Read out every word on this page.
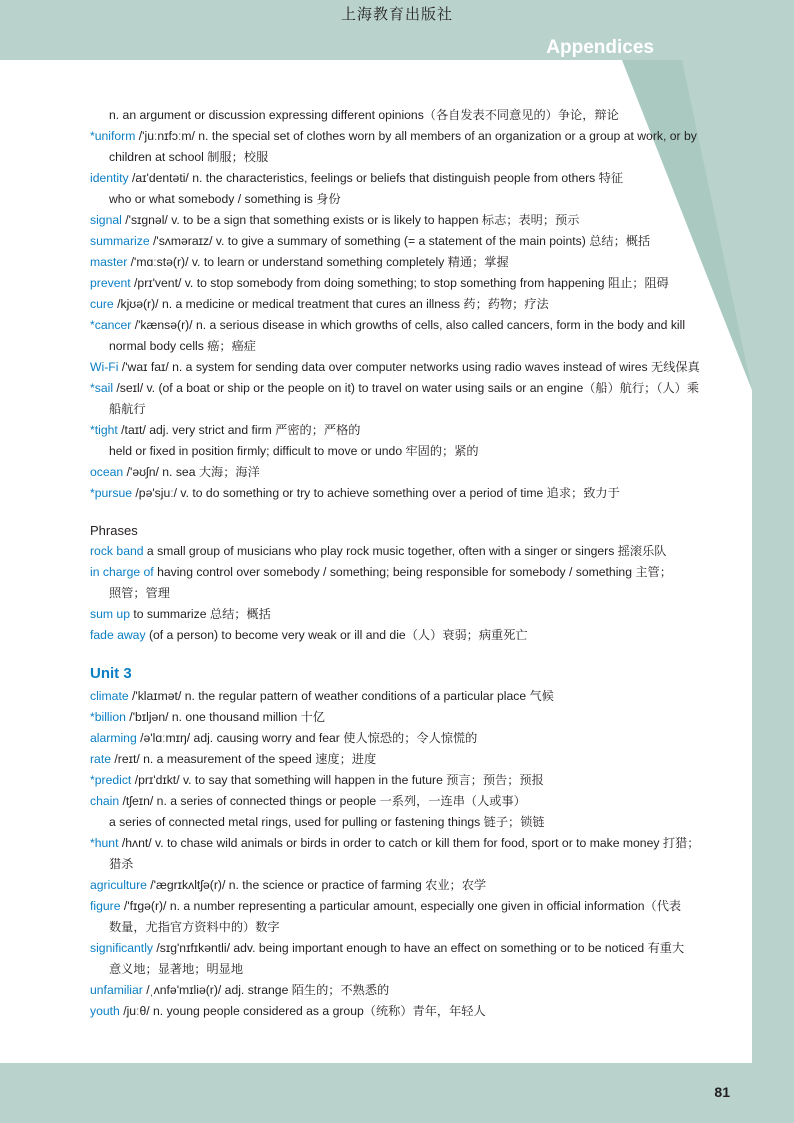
上海教育出版社
Appendices

n. an argument or discussion expressing different opinions（各自发表不同意见的）争论，辩论

*uniform /'juːnɪfɔːm/ n. the special set of clothes worn by all members of an organization or a group at work, or by
children at school 制服；校服

identity /aɪ'dentəti/ n. the characteristics, feelings or beliefs that distinguish people from others 特征
who or what somebody / something is 身份

signal /'sɪɡnəl/ v. to be a sign that something exists or is likely to happen 标志；表明；预示

summarize /'sʌməraɪz/ v. to give a summary of something (= a statement of the main points) 总结；概括

master /'mɑːstə(r)/ v. to learn or understand something completely 精通；掌握

prevent /prɪ'vent/ v. to stop somebody from doing something; to stop something from happening 阻止；阻碍

cure /kjʊə(r)/ n. a medicine or medical treatment that cures an illness 药；药物；疗法

*cancer /'kænsə(r)/ n. a serious disease in which growths of cells, also called cancers, form in the body and kill
normal body cells 癌；癌症

Wi-Fi /'waɪ faɪ/ n. a system for sending data over computer networks using radio waves instead of wires 无线保真

*sail /seɪl/ v. (of a boat or ship or the people on it) to travel on water using sails or an engine（船）航行；（人）乘
船航行

*tight /taɪt/ adj. very strict and firm 严密的；严格的
held or fixed in position firmly; difficult to move or undo 牢固的；紧的

ocean /'əʊʃn/ n. sea 大海；海洋

*pursue /pə'sjuː/ v. to do something or try to achieve something over a period of time 追求；致力于

Phrases

rock band a small group of musicians who play rock music together, often with a singer or singers 摇滚乐队

in charge of having control over somebody / something; being responsible for somebody / something 主管；
照管；管理

sum up to summarize 总结；概括

fade away (of a person) to become very weak or ill and die（人）衰弱；病重死亡

Unit 3

climate /'klaɪmət/ n. the regular pattern of weather conditions of a particular place 气候

*billion /'bɪljən/ n. one thousand million 十亿

alarming /ə'lɑːmɪŋ/ adj. causing worry and fear 使人惊恐的；令人惊慌的

rate /reɪt/ n. a measurement of the speed 速度；进度

*predict /prɪ'dɪkt/ v. to say that something will happen in the future 预言；预告；预报

chain /tʃeɪn/ n. a series of connected things or people 一系列，一连串（人或事）
a series of connected metal rings, used for pulling or fastening things 链子；锁链

*hunt /hʌnt/ v. to chase wild animals or birds in order to catch or kill them for food, sport or to make money 打猎；
猎杀

agriculture /'æɡrɪkʌltʃə(r)/ n. the science or practice of farming 农业；农学

figure /'fɪɡə(r)/ n. a number representing a particular amount, especially one given in official information（代表
数量，尤指官方资料中的）数字

significantly /sɪɡ'nɪfɪkəntli/ adv. being important enough to have an effect on something or to be noticed 有重大
意义地；显著地；明显地

unfamiliar /ˌʌnfə'mɪliə(r)/ adj. strange 陌生的；不熟悉的

youth /juːθ/ n. young people considered as a group（统称）青年，年轻人

81
